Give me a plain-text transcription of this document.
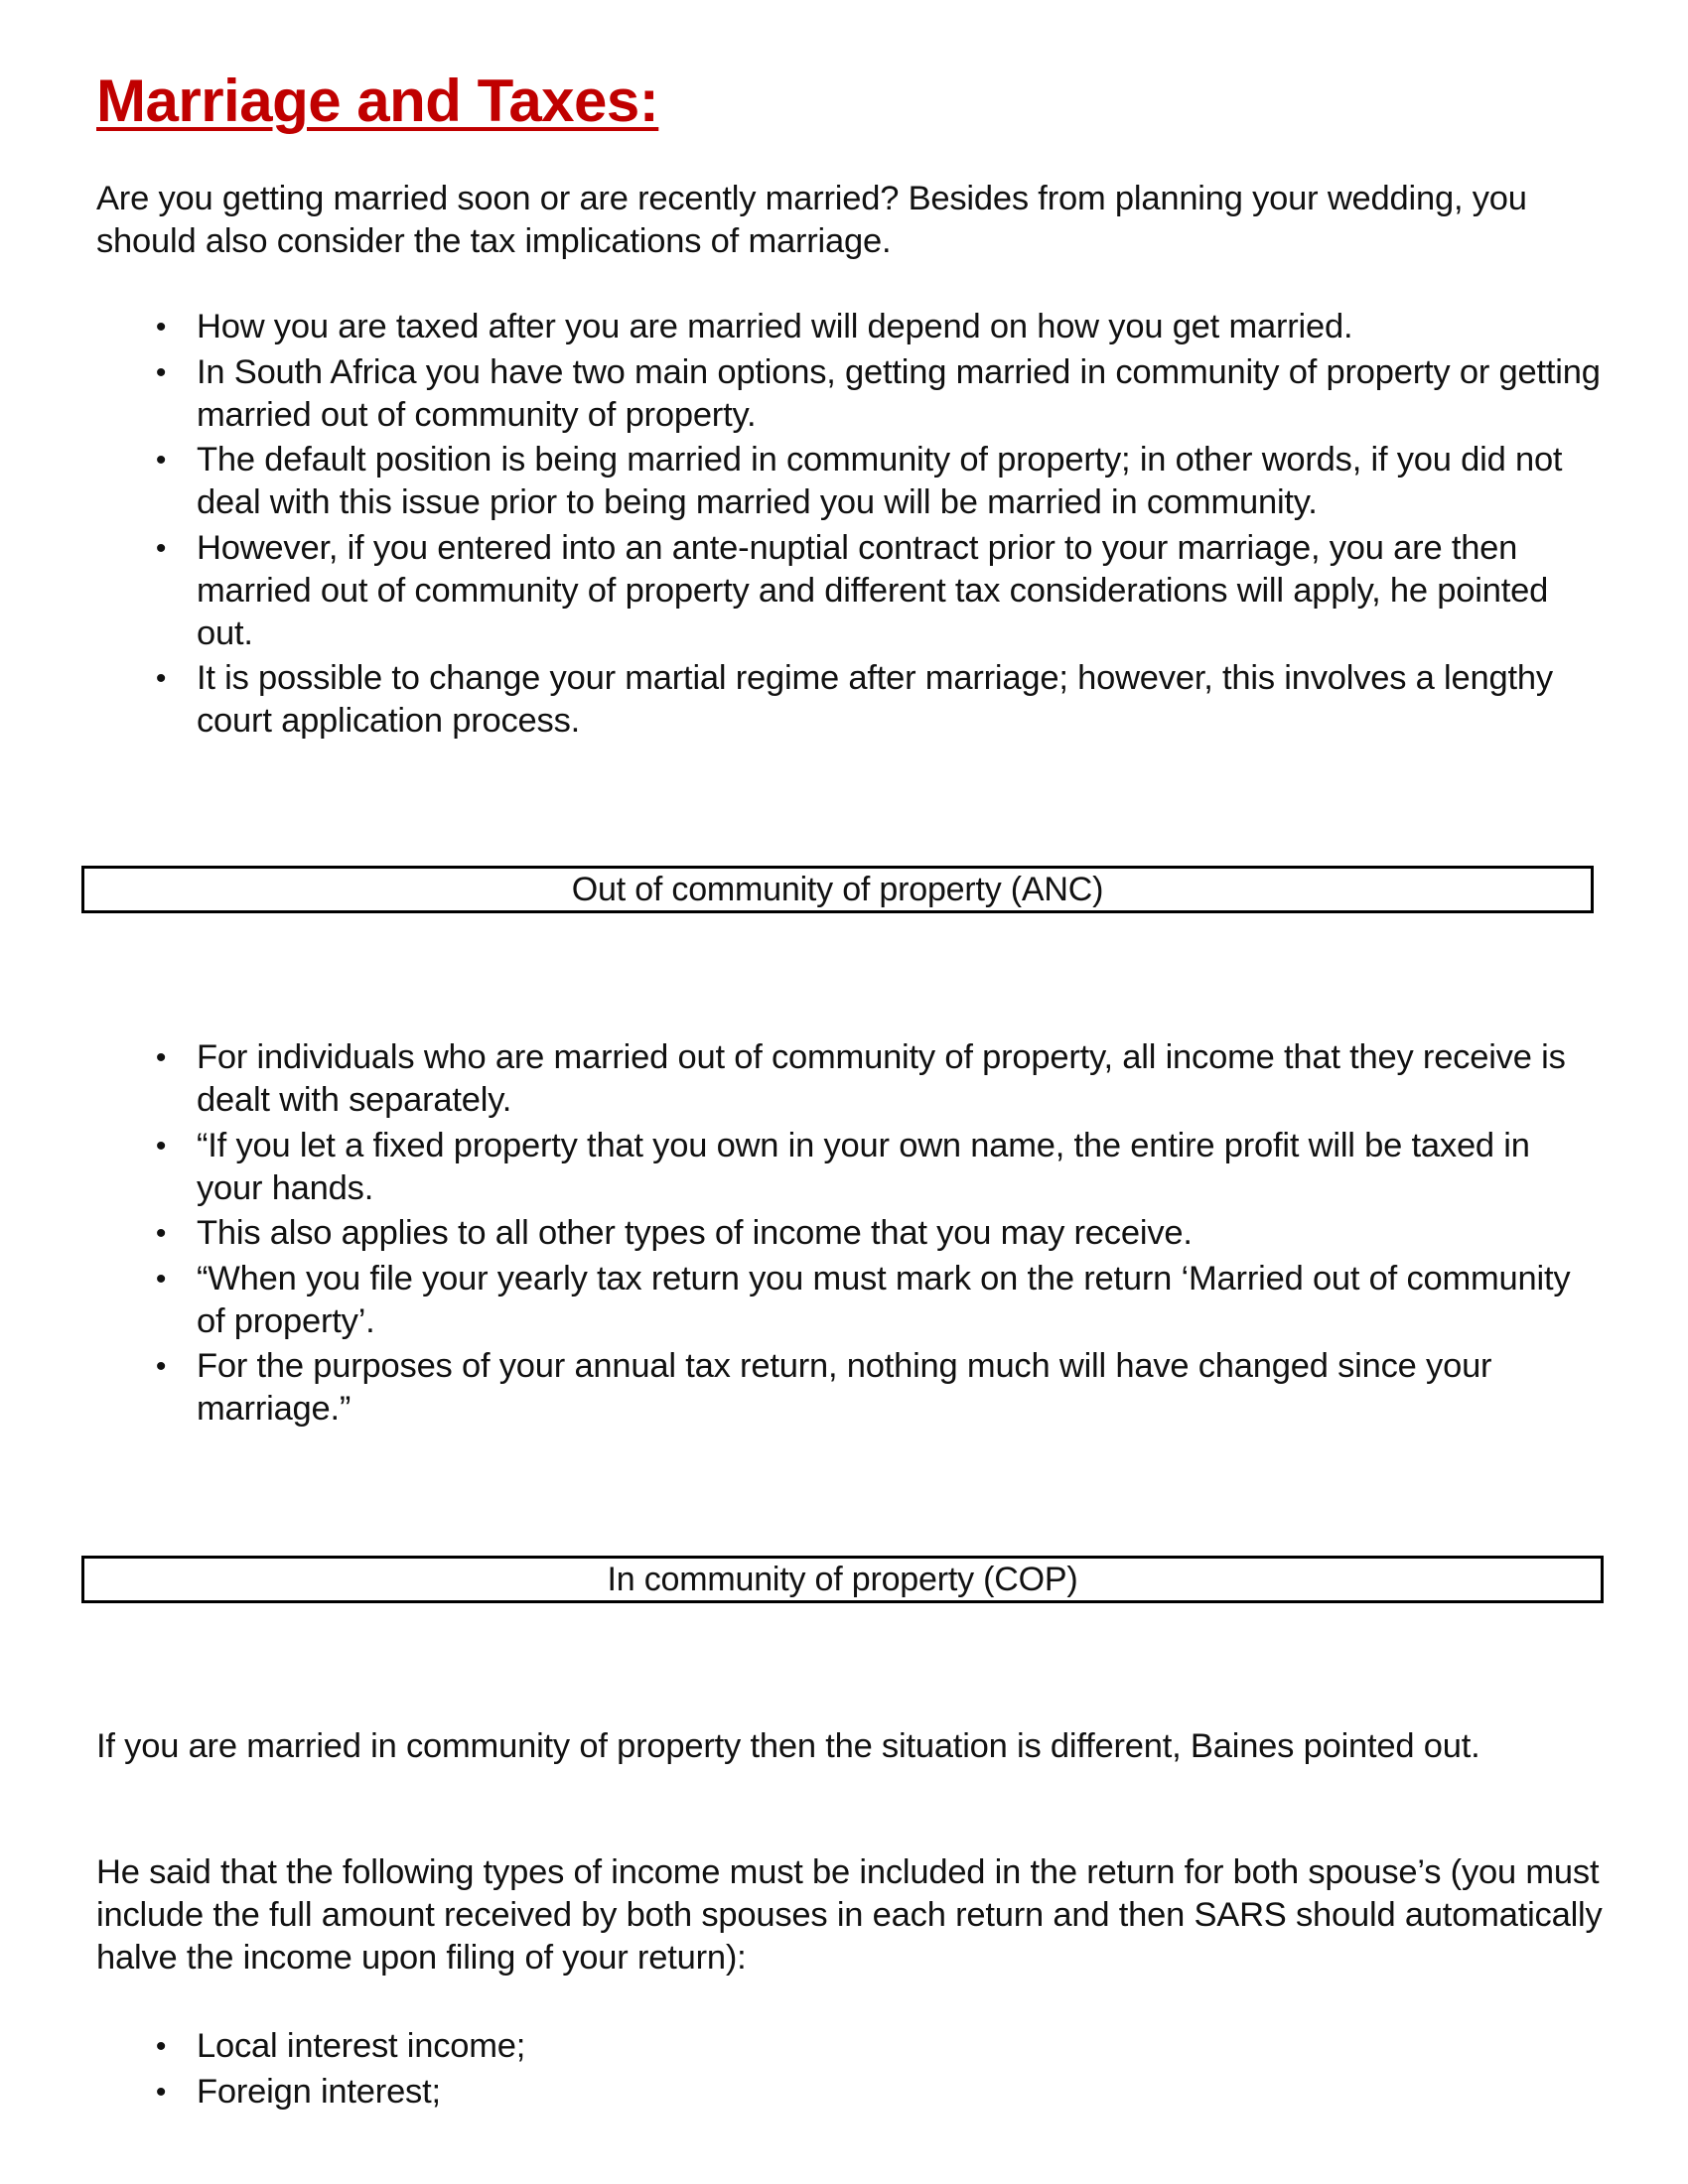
Marriage and Taxes:

Are you getting married soon or are recently married? Besides from planning your wedding, you should also consider the tax implications of marriage.

• How you are taxed after you are married will depend on how you get married.
• In South Africa you have two main options, getting married in community of property or getting married out of community of property.
• The default position is being married in community of property; in other words, if you did not deal with this issue prior to being married you will be married in community.
• However, if you entered into an ante-nuptial contract prior to your marriage, you are then married out of community of property and different tax considerations will apply, he pointed out.
• It is possible to change your martial regime after marriage; however, this involves a lengthy court application process.
Out of community of property (ANC)
• For individuals who are married out of community of property, all income that they receive is dealt with separately.
• “If you let a fixed property that you own in your own name, the entire profit will be taxed in your hands.
• This also applies to all other types of income that you may receive.
• “When you file your yearly tax return you must mark on the return ‘Married out of community of property’.
• For the purposes of your annual tax return, nothing much will have changed since your marriage.”
In community of property (COP)

If you are married in community of property then the situation is different, Baines pointed out.

He said that the following types of income must be included in the return for both spouse’s (you must include the full amount received by both spouses in each return and then SARS should automatically halve the income upon filing of your return):

• Local interest income;
• Foreign interest;
